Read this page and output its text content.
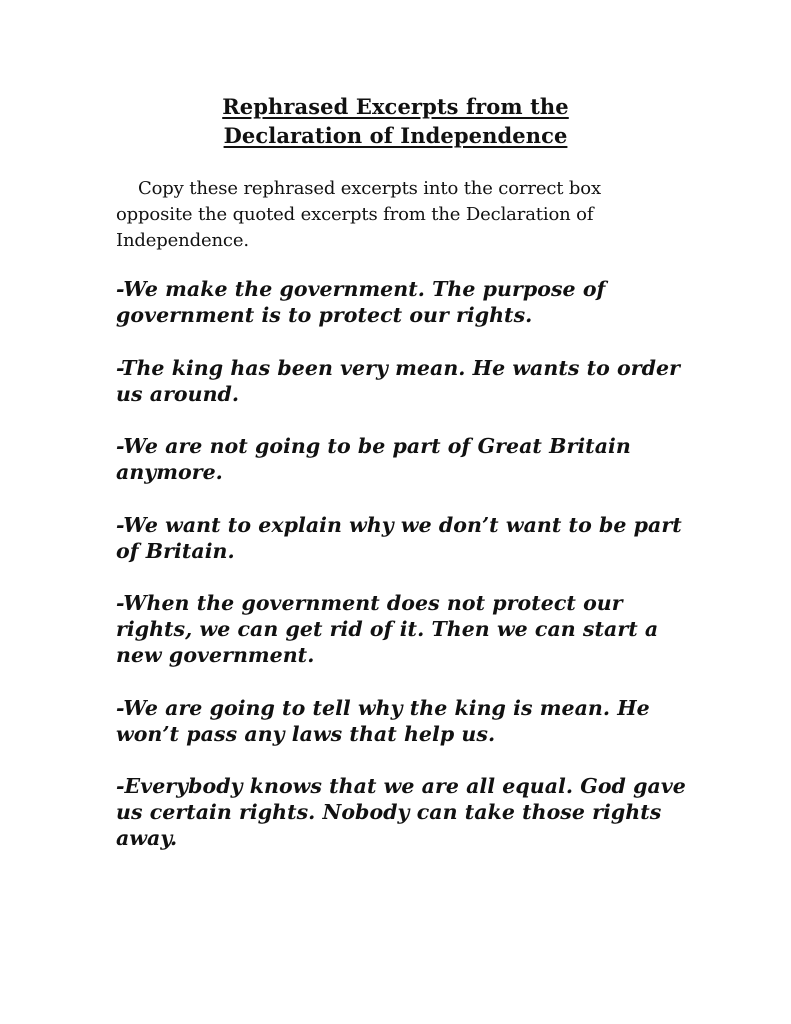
Rephrased Excerpts from the
Declaration of Independence

Copy these rephrased excerpts into the correct box opposite the quoted excerpts from the Declaration of Independence.

-We make the government. The purpose of government is to protect our rights.
-The king has been very mean. He wants to order us around.
-We are not going to be part of Great Britain anymore.
-We want to explain why we don’t want to be part of Britain.
-When the government does not protect our rights, we can get rid of it. Then we can start a new government.
-We are going to tell why the king is mean. He won’t pass any laws that help us.
-Everybody knows that we are all equal. God gave us certain rights. Nobody can take those rights away.
